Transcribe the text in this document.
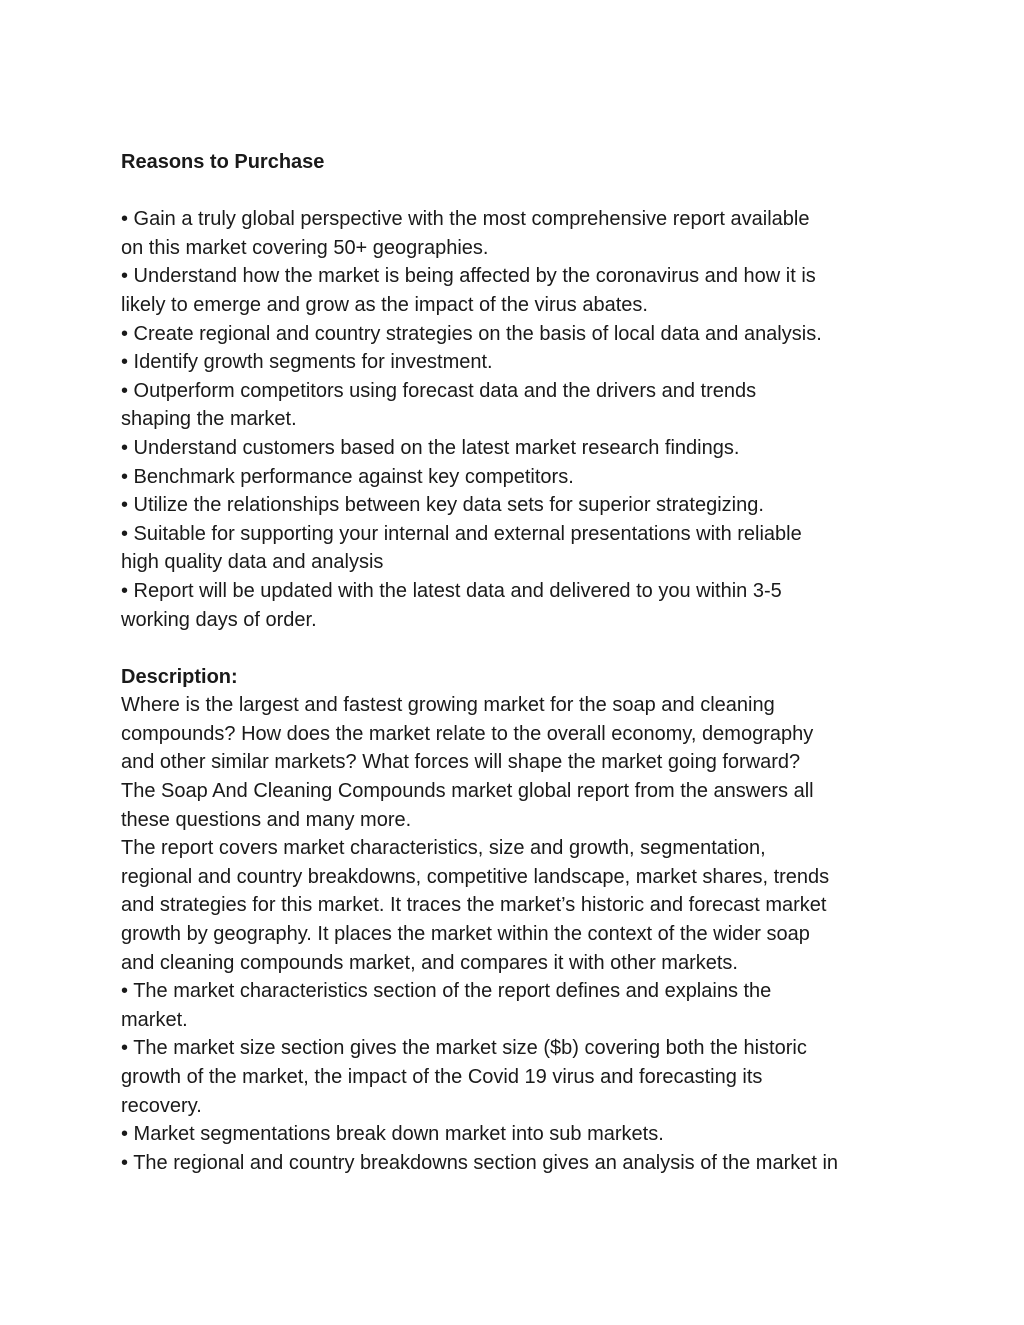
Reasons to Purchase

• Gain a truly global perspective with the most comprehensive report available

on this market covering 50+ geographies.

• Understand how the market is being affected by the coronavirus and how it is

likely to emerge and grow as the impact of the virus abates.

• Create regional and country strategies on the basis of local data and analysis.

• Identify growth segments for investment.

• Outperform competitors using forecast data and the drivers and trends

shaping the market.

• Understand customers based on the latest market research findings.

• Benchmark performance against key competitors.

• Utilize the relationships between key data sets for superior strategizing.

• Suitable for supporting your internal and external presentations with reliable

high quality data and analysis

• Report will be updated with the latest data and delivered to you within 3-5

working days of order.

Description:

Where is the largest and fastest growing market for the soap and cleaning

compounds? How does the market relate to the overall economy, demography

and other similar markets? What forces will shape the market going forward?

The Soap And Cleaning Compounds market global report from the answers all

these questions and many more.

The report covers market characteristics, size and growth, segmentation,

regional and country breakdowns, competitive landscape, market shares, trends

and strategies for this market. It traces the market’s historic and forecast market

growth by geography. It places the market within the context of the wider soap

and cleaning compounds market, and compares it with other markets.

• The market characteristics section of the report defines and explains the

market.

• The market size section gives the market size ($b) covering both the historic

growth of the market, the impact of the Covid 19 virus and forecasting its

recovery.

• Market segmentations break down market into sub markets.

• The regional and country breakdowns section gives an analysis of the market in
